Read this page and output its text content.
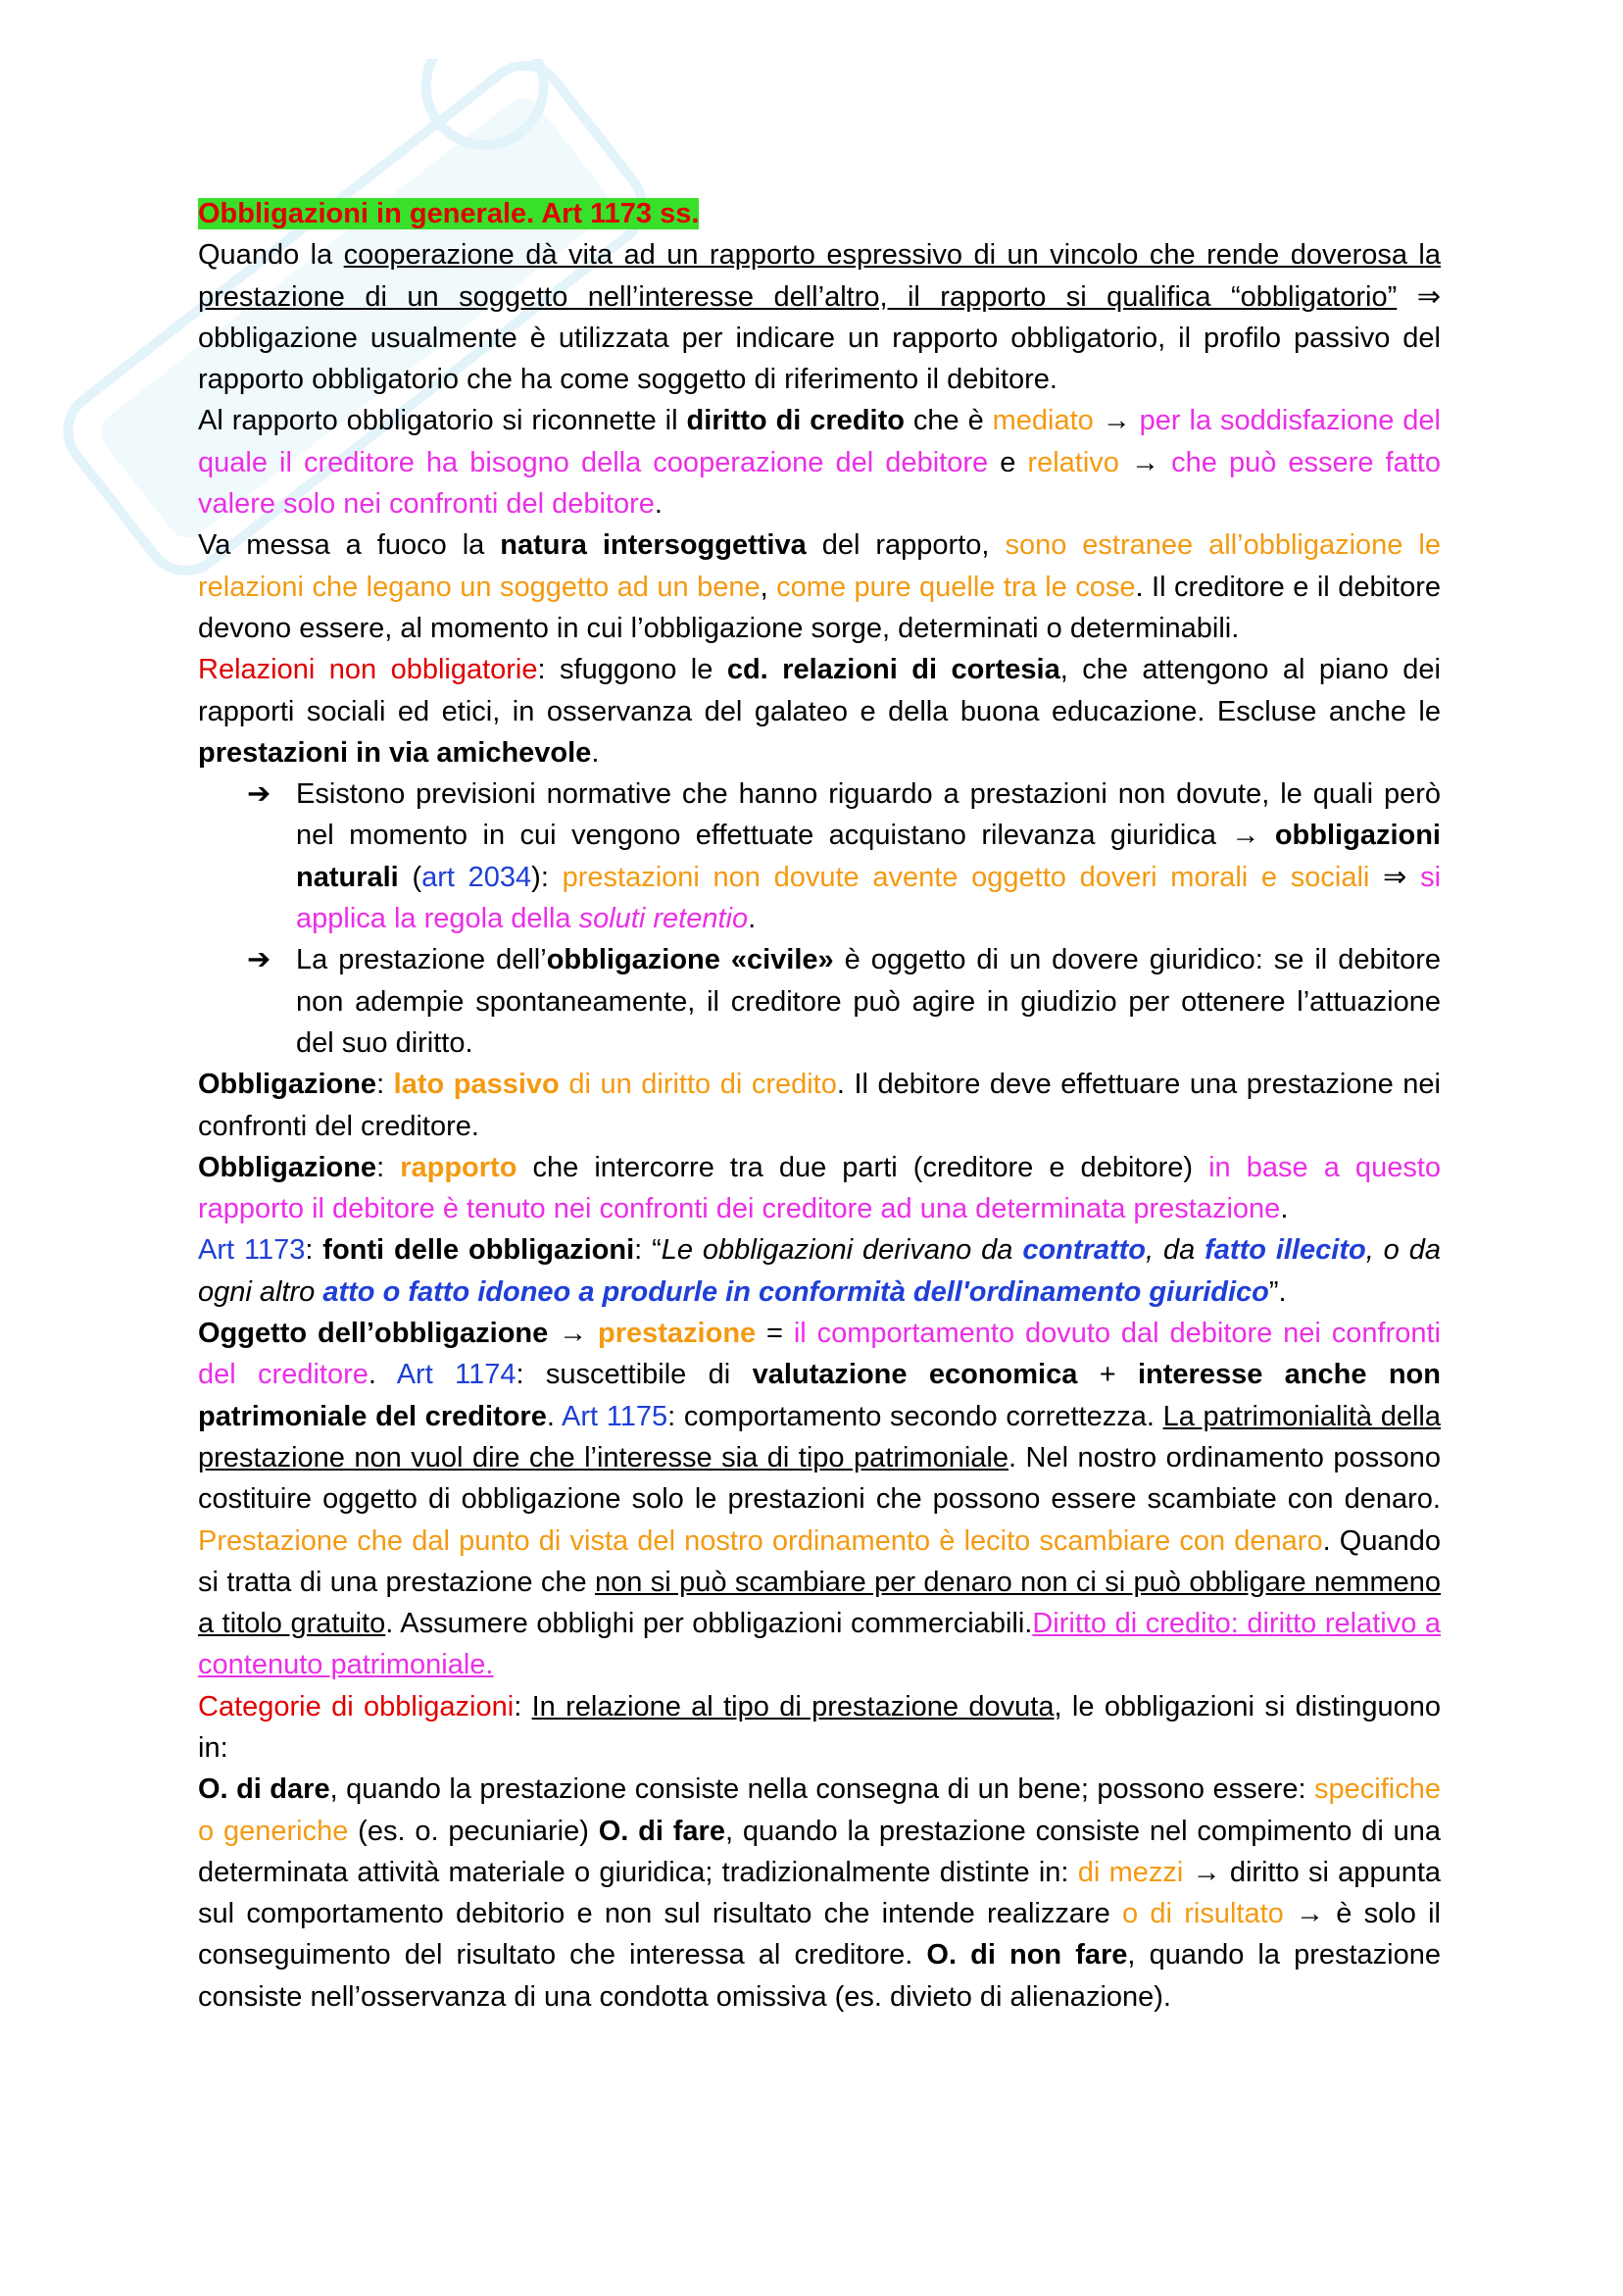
Obbligazioni in generale. Art 1173 ss.

Quando la cooperazione dà vita ad un rapporto espressivo di un vincolo che rende doverosa la prestazione di un soggetto nell’interesse dell’altro, il rapporto si qualifica “obbligatorio” ⇒ obbligazione usualmente è utilizzata per indicare un rapporto obbligatorio, il profilo passivo del rapporto obbligatorio che ha come soggetto di riferimento il debitore.

Al rapporto obbligatorio si riconnette il diritto di credito che è mediato → per la soddisfazione del quale il creditore ha bisogno della cooperazione del debitore e relativo → che può essere fatto valere solo nei confronti del debitore.

Va messa a fuoco la natura intersoggettiva del rapporto, sono estranee all’obbligazione le relazioni che legano un soggetto ad un bene, come pure quelle tra le cose. Il creditore e il debitore devono essere, al momento in cui l’obbligazione sorge, determinati o determinabili.

Relazioni non obbligatorie: sfuggono le cd. relazioni di cortesia, che attengono al piano dei rapporti sociali ed etici, in osservanza del galateo e della buona educazione. Escluse anche le prestazioni in via amichevole.

➔ Esistono previsioni normative che hanno riguardo a prestazioni non dovute, le quali però nel momento in cui vengono effettuate acquistano rilevanza giuridica → obbligazioni naturali (art 2034): prestazioni non dovute avente oggetto doveri morali e sociali ⇒ si applica la regola della soluti retentio.

➔ La prestazione dell’obbligazione «civile» è oggetto di un dovere giuridico: se il debitore non adempie spontaneamente, il creditore può agire in giudizio per ottenere l’attuazione del suo diritto.

Obbligazione: lato passivo di un diritto di credito. Il debitore deve effettuare una prestazione nei confronti del creditore.

Obbligazione: rapporto che intercorre tra due parti (creditore e debitore) in base a questo rapporto il debitore è tenuto nei confronti dei creditore ad una determinata prestazione.

Art 1173: fonti delle obbligazioni: “Le obbligazioni derivano da contratto, da fatto illecito, o da ogni altro atto o fatto idoneo a produrle in conformità dell'ordinamento giuridico”.

Oggetto dell’obbligazione → prestazione = il comportamento dovuto dal debitore nei confronti del creditore. Art 1174: suscettibile di valutazione economica + interesse anche non patrimoniale del creditore. Art 1175: comportamento secondo correttezza. La patrimonialità della prestazione non vuol dire che l’interesse sia di tipo patrimoniale. Nel nostro ordinamento possono costituire oggetto di obbligazione solo le prestazioni che possono essere scambiate con denaro. Prestazione che dal punto di vista del nostro ordinamento è lecito scambiare con denaro. Quando si tratta di una prestazione che non si può scambiare per denaro non ci si può obbligare nemmeno a titolo gratuito. Assumere obblighi per obbligazioni commerciabili.Diritto di credito: diritto relativo a contenuto patrimoniale.

Categorie di obbligazioni: In relazione al tipo di prestazione dovuta, le obbligazioni si distinguono in:

O. di dare, quando la prestazione consiste nella consegna di un bene; possono essere: specifiche o generiche (es. o. pecuniarie) O. di fare, quando la prestazione consiste nel compimento di una determinata attività materiale o giuridica; tradizionalmente distinte in: di mezzi → diritto si appunta sul comportamento debitorio e non sul risultato che intende realizzare o di risultato → è solo il conseguimento del risultato che interessa al creditore. O. di non fare, quando la prestazione consiste nell’osservanza di una condotta omissiva (es. divieto di alienazione).
